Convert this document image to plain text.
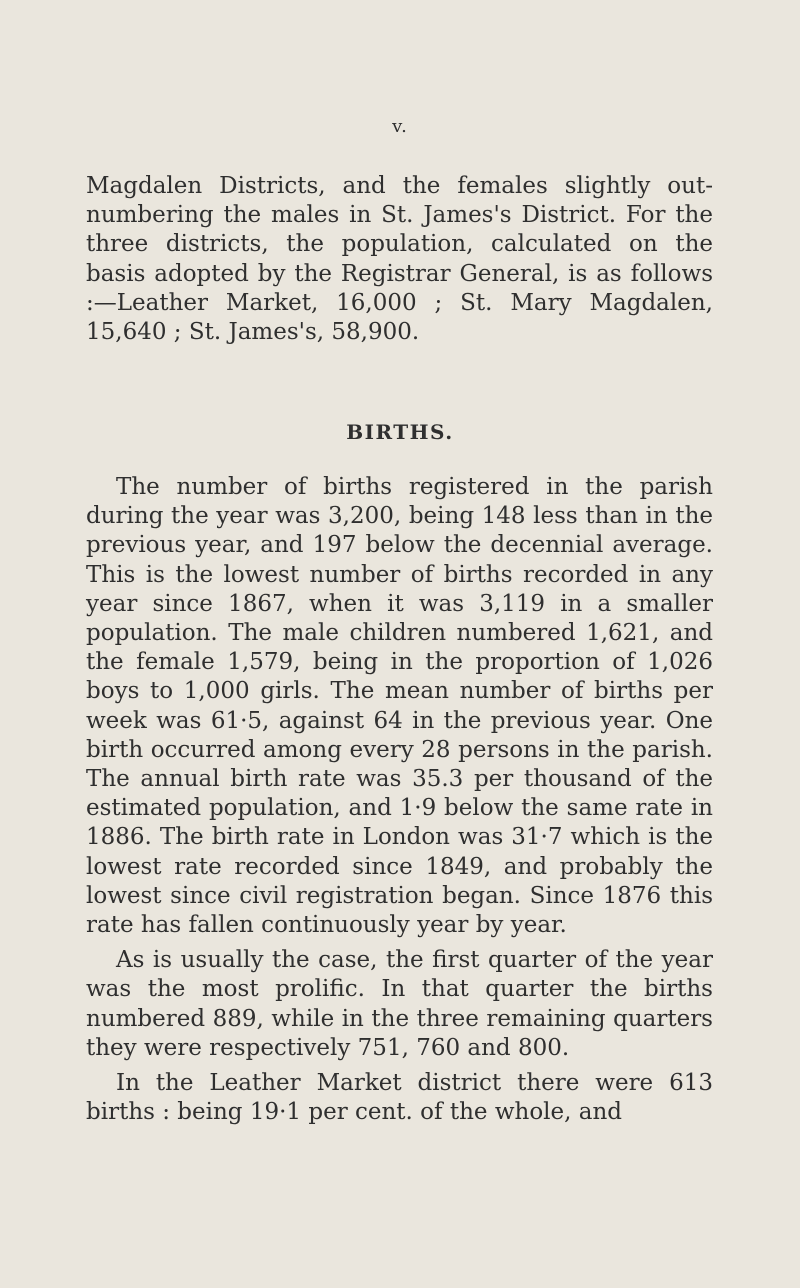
v.
Magdalen Districts, and the females slightly outnumbering the males in St. James's District. For the three districts, the population, calculated on the basis adopted by the Registrar General, is as follows :—Leather Market, 16,000 ; St. Mary Magdalen, 15,640 ; St. James's, 58,900.
BIRTHS.

The number of births registered in the parish during the year was 3,200, being 148 less than in the previous year, and 197 below the decennial average. This is the lowest number of births recorded in any year since 1867, when it was 3,119 in a smaller population. The male children numbered 1,621, and the female 1,579, being in the proportion of 1,026 boys to 1,000 girls. The mean number of births per week was 61·5, against 64 in the previous year. One birth occurred among every 28 persons in the parish. The annual birth rate was 35.3 per thousand of the estimated population, and 1·9 below the same rate in 1886. The birth rate in London was 31·7 which is the lowest rate recorded since 1849, and probably the lowest since civil registration began. Since 1876 this rate has fallen continuously year by year.

As is usually the case, the first quarter of the year was the most prolific. In that quarter the births numbered 889, while in the three remaining quarters they were respectively 751, 760 and 800.

In the Leather Market district there were 613 births : being 19·1 per cent. of the whole, and
